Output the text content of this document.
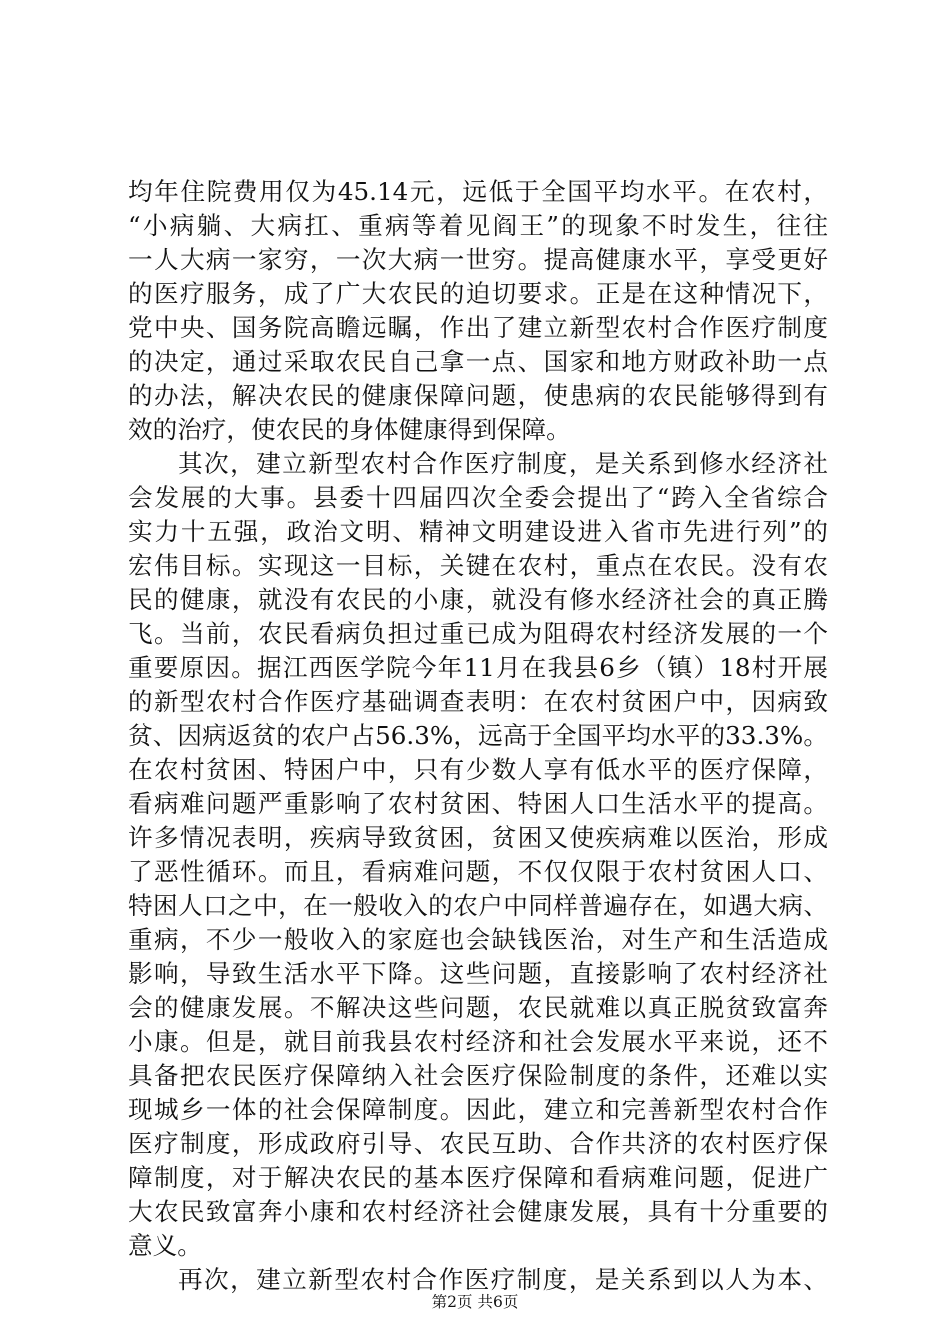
均年住院费用仅为45.14元，远低于全国平均水平。在农村，
“小病躺、大病扛、重病等着见阎王”的现象不时发生，往往
一人大病一家穷，一次大病一世穷。提高健康水平，享受更好
的医疗服务，成了广大农民的迫切要求。正是在这种情况下，
党中央、国务院高瞻远瞩，作出了建立新型农村合作医疗制度
的决定，通过采取农民自己拿一点、国家和地方财政补助一点
的办法，解决农民的健康保障问题，使患病的农民能够得到有
效的治疗，使农民的身体健康得到保障。
其次，建立新型农村合作医疗制度，是关系到修水经济社
会发展的大事。县委十四届四次全委会提出了“跨入全省综合
实力十五强，政治文明、精神文明建设进入省市先进行列”的
宏伟目标。实现这一目标，关键在农村，重点在农民。没有农
民的健康，就没有农民的小康，就没有修水经济社会的真正腾
飞。当前，农民看病负担过重已成为阻碍农村经济发展的一个
重要原因。据江西医学院今年11月在我县6乡（镇）18村开展
的新型农村合作医疗基础调查表明：在农村贫困户中，因病致
贫、因病返贫的农户占56.3%，远高于全国平均水平的33.3%。
在农村贫困、特困户中，只有少数人享有低水平的医疗保障，
看病难问题严重影响了农村贫困、特困人口生活水平的提高。
许多情况表明，疾病导致贫困，贫困又使疾病难以医治，形成
了恶性循环。而且，看病难问题，不仅仅限于农村贫困人口、
特困人口之中，在一般收入的农户中同样普遍存在，如遇大病、
重病，不少一般收入的家庭也会缺钱医治，对生产和生活造成
影响，导致生活水平下降。这些问题，直接影响了农村经济社
会的健康发展。不解决这些问题，农民就难以真正脱贫致富奔
小康。但是，就目前我县农村经济和社会发展水平来说，还不
具备把农民医疗保障纳入社会医疗保险制度的条件，还难以实
现城乡一体的社会保障制度。因此，建立和完善新型农村合作
医疗制度，形成政府引导、农民互助、合作共济的农村医疗保
障制度，对于解决农民的基本医疗保障和看病难问题，促进广
大农民致富奔小康和农村经济社会健康发展，具有十分重要的
意义。
再次，建立新型农村合作医疗制度，是关系到以人为本、
第2页 共6页
